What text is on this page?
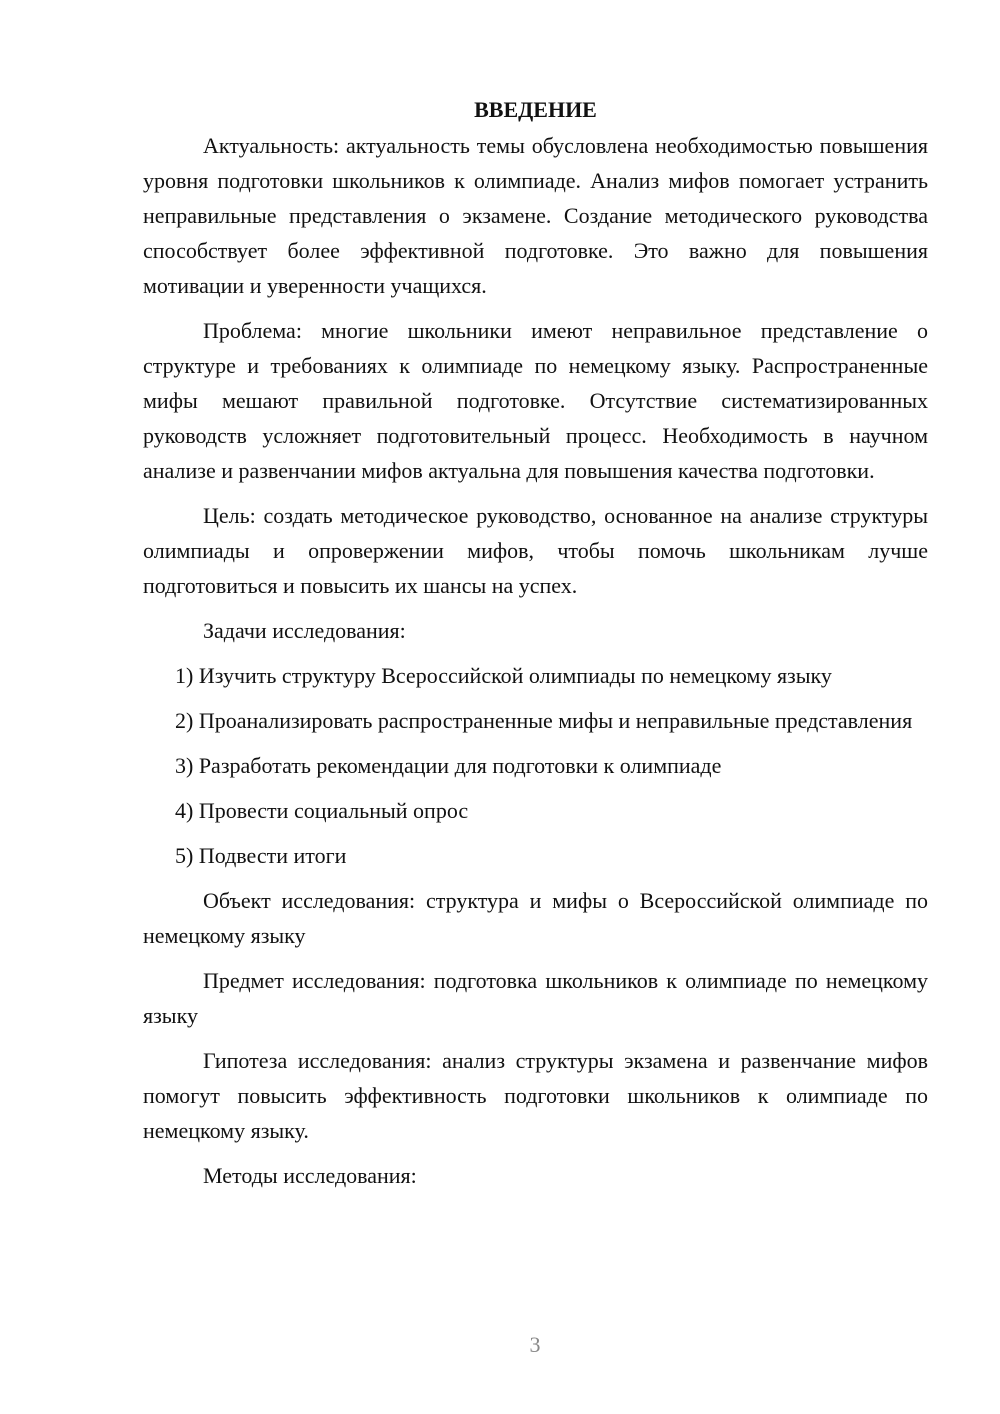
ВВЕДЕНИЕ

Актуальность: актуальность темы обусловлена необходимостью повышения уровня подготовки школьников к олимпиаде. Анализ мифов помогает устранить неправильные представления о экзамене. Создание методического руководства способствует более эффективной подготовке. Это важно для повышения мотивации и уверенности учащихся.

Проблема: многие школьники имеют неправильное представление о структуре и требованиях к олимпиаде по немецкому языку. Распространенные мифы мешают правильной подготовке. Отсутствие систематизированных руководств усложняет подготовительный процесс. Необходимость в научном анализе и развенчании мифов актуальна для повышения качества подготовки.

Цель: создать методическое руководство, основанное на анализе структуры олимпиады и опровержении мифов, чтобы помочь школьникам лучше подготовиться и повысить их шансы на успех.

Задачи исследования:

1) Изучить структуру Всероссийской олимпиады по немецкому языку

2) Проанализировать распространенные мифы и неправильные представления

3) Разработать рекомендации для подготовки к олимпиаде

4) Провести социальный опрос

5) Подвести итоги

Объект исследования: структура и мифы о Всероссийской олимпиаде по немецкому языку

Предмет исследования: подготовка школьников к олимпиаде по немецкому языку

Гипотеза исследования: анализ структуры экзамена и развенчание мифов помогут повысить эффективность подготовки школьников к олимпиаде по немецкому языку.

Методы исследования:

3
